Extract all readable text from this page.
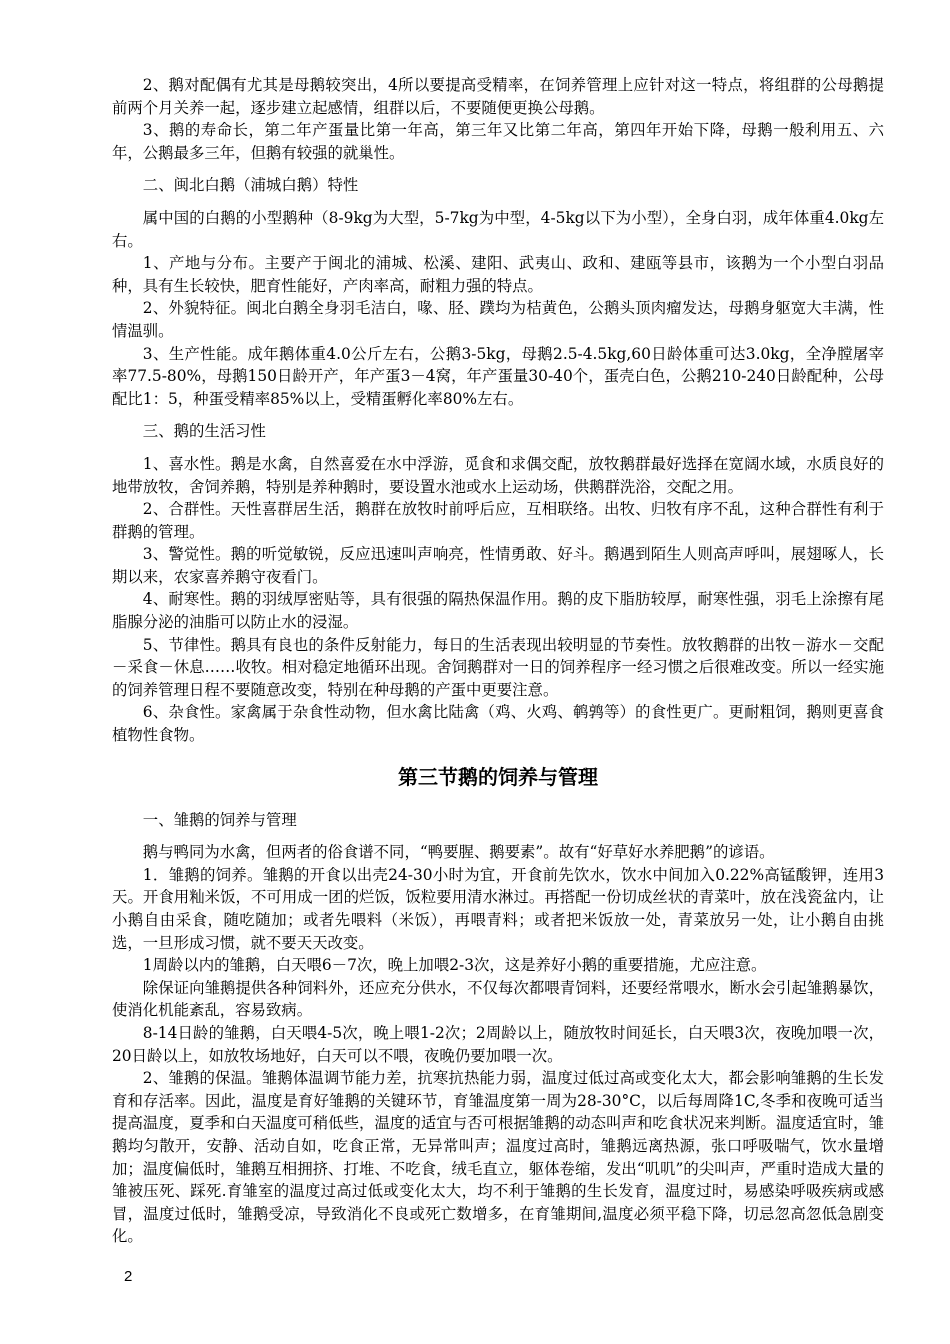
2、鹅对配偶有尤其是母鹅较突出，4所以要提高受精率，在饲养管理上应针对这一特点，将组群的公母鹅提前两个月关养一起，逐步建立起感情，组群以后，不要随便更换公母鹅。

3、鹅的寿命长，第二年产蛋量比第一年高，第三年又比第二年高，第四年开始下降，母鹅一般利用五、六年，公鹅最多三年，但鹅有较强的就巢性。

二、闽北白鹅（浦城白鹅）特性

属中国的白鹅的小型鹅种（8-9kg为大型，5-7kg为中型，4-5kg以下为小型），全身白羽，成年体重4.0kg左右。

1、产地与分布。主要产于闽北的浦城、松溪、建阳、武夷山、政和、建瓯等县市，该鹅为一个小型白羽品种，具有生长较快，肥育性能好，产肉率高，耐粗力强的特点。

2、外貌特征。闽北白鹅全身羽毛洁白，喙、胫、蹼均为桔黄色，公鹅头顶肉瘤发达，母鹅身躯宽大丰满，性情温驯。

3、生产性能。成年鹅体重4.0公斤左右，公鹅3-5kg，母鹅2.5-4.5kg,60日龄体重可达3.0kg，全净膛屠宰率77.5-80%，母鹅150日龄开产，年产蛋3－4窝，年产蛋量30-40个，蛋壳白色，公鹅210-240日龄配种，公母配比1：5，种蛋受精率85%以上，受精蛋孵化率80%左右。

三、鹅的生活习性

1、喜水性。鹅是水禽，自然喜爱在水中浮游，觅食和求偶交配，放牧鹅群最好选择在宽阔水域，水质良好的地带放牧，舍饲养鹅，特别是养种鹅时，要设置水池或水上运动场，供鹅群洗浴，交配之用。

2、合群性。天性喜群居生活，鹅群在放牧时前呼后应，互相联络。出牧、归牧有序不乱，这种合群性有利于群鹅的管理。

3、警觉性。鹅的听觉敏锐，反应迅速叫声响亮，性情勇敢、好斗。鹅遇到陌生人则高声呼叫，展翅啄人，长期以来，农家喜养鹅守夜看门。

4、耐寒性。鹅的羽绒厚密贴等，具有很强的隔热保温作用。鹅的皮下脂肪较厚，耐寒性强，羽毛上涂擦有尾脂腺分泌的油脂可以防止水的浸湿。

5、节律性。鹅具有良也的条件反射能力，每日的生活表现出较明显的节奏性。放牧鹅群的出牧－游水－交配－采食－休息……收牧。相对稳定地循环出现。舍饲鹅群对一日的饲养程序一经习惯之后很难改变。所以一经实施的饲养管理日程不要随意改变，特别在种母鹅的产蛋中更要注意。

6、杂食性。家禽属于杂食性动物，但水禽比陆禽（鸡、火鸡、鹌鹑等）的食性更广。更耐粗饲，鹅则更喜食植物性食物。

第三节鹅的饲养与管理

一、雏鹅的饲养与管理

鹅与鸭同为水禽，但两者的俗食谱不同，“鸭要腥、鹅要素”。故有“好草好水养肥鹅”的谚语。

1．雏鹅的饲养。雏鹅的开食以出壳24-30小时为宜，开食前先饮水，饮水中间加入0.22%高锰酸钾，连用3天。开食用籼米饭，不可用成一团的烂饭，饭粒要用清水淋过。再搭配一份切成丝状的青菜叶，放在浅瓷盆内，让小鹅自由采食，随吃随加；或者先喂料（米饭），再喂青料；或者把米饭放一处，青菜放另一处，让小鹅自由挑选，一旦形成习惯，就不要天天改变。

1周龄以内的雏鹅，白天喂6－7次，晚上加喂2-3次，这是养好小鹅的重要措施，尤应注意。

除保证向雏鹅提供各种饲料外，还应充分供水，不仅每次都喂青饲料，还要经常喂水，断水会引起雏鹅暴饮，使消化机能紊乱，容易致病。

8-14日龄的雏鹅，白天喂4-5次，晚上喂1-2次；2周龄以上，随放牧时间延长，白天喂3次，夜晚加喂一次，20日龄以上，如放牧场地好，白天可以不喂，夜晚仍要加喂一次。

2、雏鹅的保温。雏鹅体温调节能力差，抗寒抗热能力弱，温度过低过高或变化太大，都会影响雏鹅的生长发育和存活率。因此，温度是育好雏鹅的关键环节，育雏温度第一周为28-30°C，以后每周降1C,冬季和夜晚可适当提高温度，夏季和白天温度可稍低些，温度的适宜与否可根据雏鹅的动态叫声和吃食状况来判断。温度适宜时，雏鹅均匀散开，安静、活动自如，吃食正常，无异常叫声；温度过高时，雏鹅远离热源，张口呼吸喘气，饮水量增加；温度偏低时，雏鹅互相拥挤、打堆、不吃食，绒毛直立，躯体卷缩，发出“叽叽”的尖叫声，严重时造成大量的雏被压死、踩死.育雏室的温度过高过低或变化太大，均不利于雏鹅的生长发育，温度过时，易感染呼吸疾病或感冒，温度过低时，雏鹅受凉，导致消化不良或死亡数增多，在育雏期间,温度必须平稳下降，切忌忽高忽低急剧变化。

2
